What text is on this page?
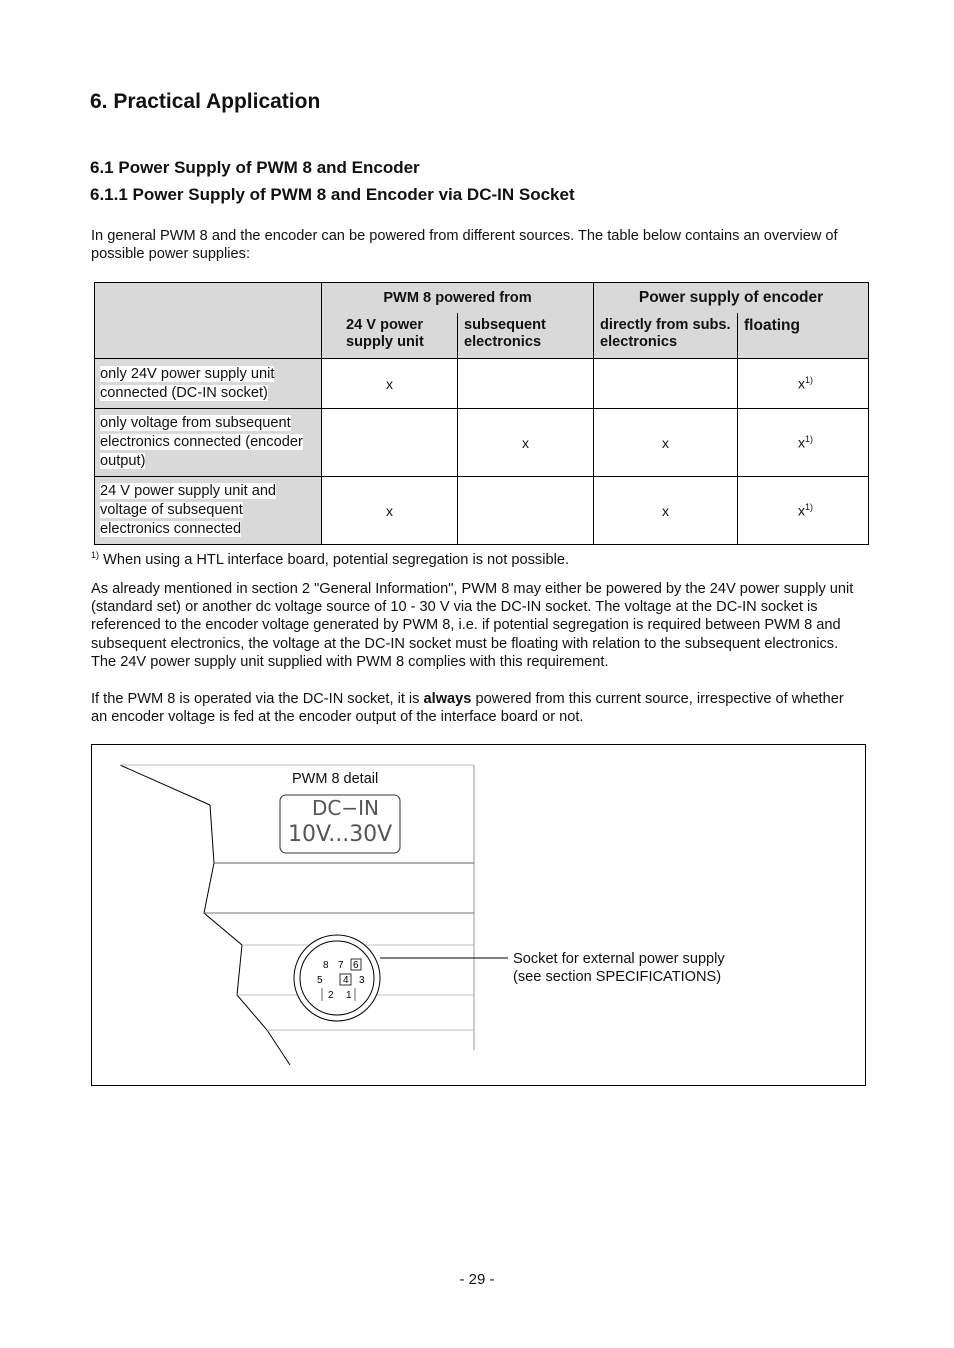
6. Practical Application
6.1 Power Supply of PWM 8 and Encoder
6.1.1 Power Supply of PWM 8 and Encoder via DC-IN Socket

In general PWM 8 and the encoder can be powered from different sources. The table below contains an overview of possible power supplies:

	PWM 8 powered from		Power supply of encoder	
	24 V power supply unit	subsequent electronics	directly from subs. electronics	floating
only 24V power supply unit connected (DC-IN socket)	x			$x^{1)}$
only voltage from subsequent electronics connected (encoder output)		x	x	$x^{1)}$
24 V power supply unit and voltage of subsequent electronics connected	x		x	$x^{1)}$

$^{1)}$ When using a HTL interface board, potential segregation is not possible.

As already mentioned in section 2 "General Information", PWM 8 may either be powered by the 24V power supply unit (standard set) or another dc voltage source of 10 - 30 V via the DC-IN socket. The voltage at the DC-IN socket is referenced to the encoder voltage generated by PWM 8, i.e. if potential segregation is required between PWM 8 and subsequent electronics, the voltage at the DC-IN socket must be floating with relation to the subsequent electronics. The 24V power supply unit supplied with PWM 8 complies with this requirement.

If the PWM 8 is operated via the DC-IN socket, it is always powered from this current source, irrespective of whether an encoder voltage is fed at the encoder output of the interface board or not.

DC−IN
10V...30V
PWM 8 detail
8 7 6
5 4 3
2 1
Socket for external power supply
(see section SPECIFICATIONS)
- 29 -
